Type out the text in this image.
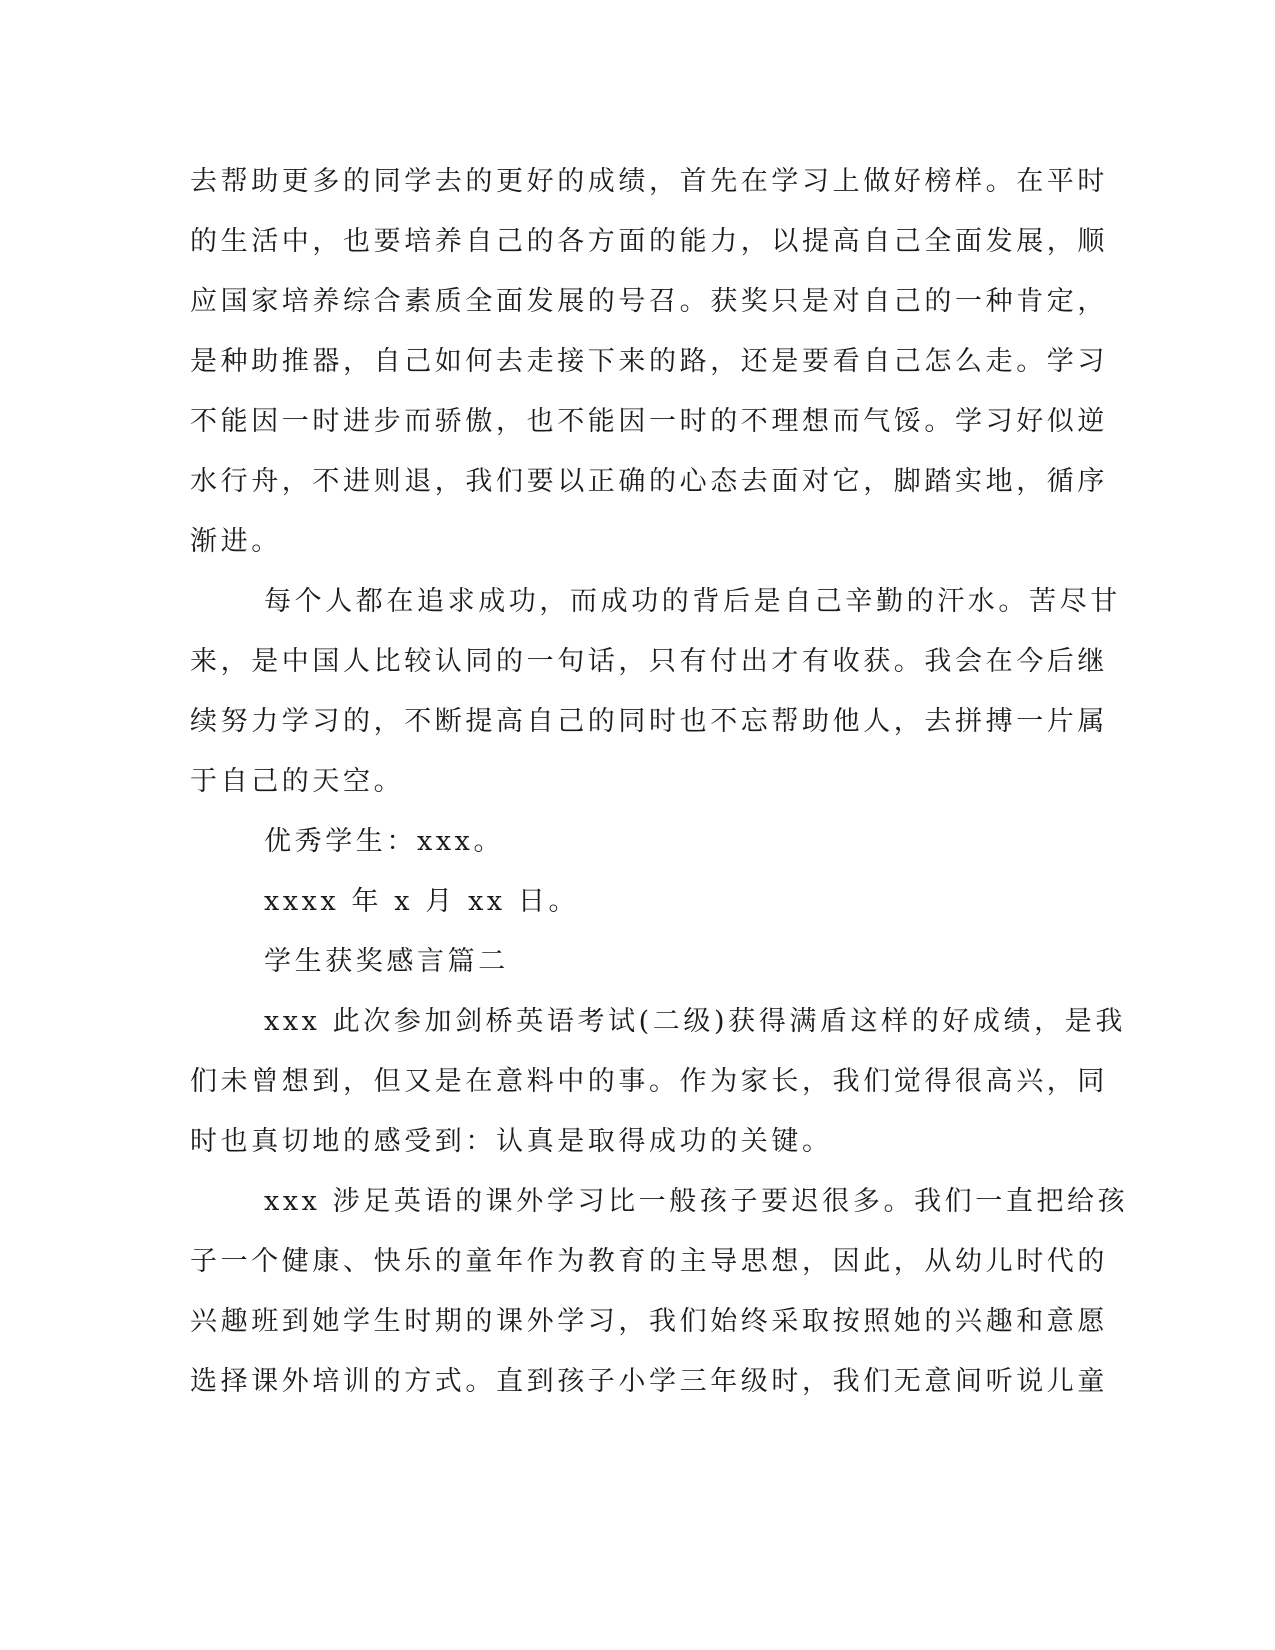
去帮助更多的同学去的更好的成绩，首先在学习上做好榜样。在平时
的生活中，也要培养自己的各方面的能力，以提高自己全面发展，顺
应国家培养综合素质全面发展的号召。获奖只是对自己的一种肯定，
是种助推器，自己如何去走接下来的路，还是要看自己怎么走。学习
不能因一时进步而骄傲，也不能因一时的不理想而气馁。学习好似逆
水行舟，不进则退，我们要以正确的心态去面对它，脚踏实地，循序
渐进。
每个人都在追求成功，而成功的背后是自己辛勤的汗水。苦尽甘
来，是中国人比较认同的一句话，只有付出才有收获。我会在今后继
续努力学习的，不断提高自己的同时也不忘帮助他人，去拼搏一片属
于自己的天空。
优秀学生：xxx。
xxxx 年 x 月 xx 日。
学生获奖感言篇二
xxx 此次参加剑桥英语考试(二级)获得满盾这样的好成绩，是我
们未曾想到，但又是在意料中的事。作为家长，我们觉得很高兴，同
时也真切地的感受到：认真是取得成功的关键。
xxx 涉足英语的课外学习比一般孩子要迟很多。我们一直把给孩
子一个健康、快乐的童年作为教育的主导思想，因此，从幼儿时代的
兴趣班到她学生时期的课外学习，我们始终采取按照她的兴趣和意愿
选择课外培训的方式。直到孩子小学三年级时，我们无意间听说儿童
